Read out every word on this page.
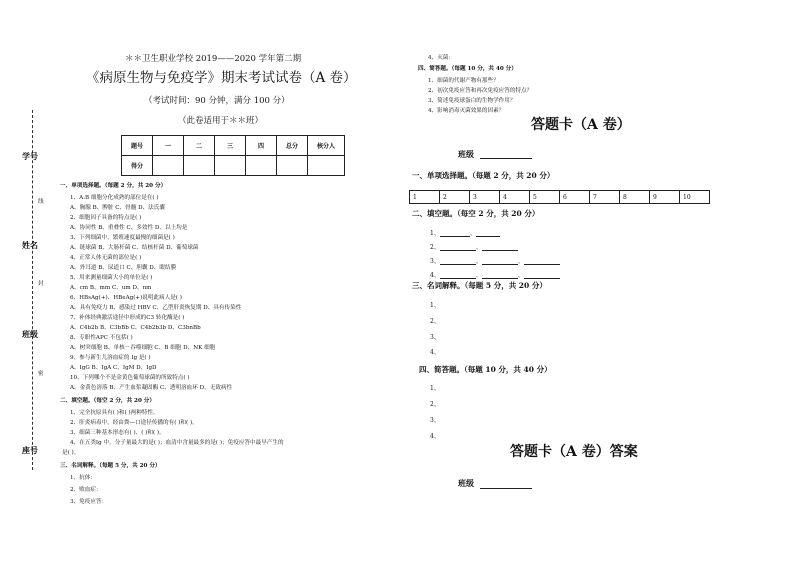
学号
姓名
班级
座号
线
封
密
＊＊卫生职业学校 2019——2020 学年第二期
《病原生物与免疫学》期末考试试卷（A 卷）
（考试时间：90 分钟，满分 100 分）
（此卷适用于＊＊班）
题号	一	二	三	四	总分	核分人
得分						
一、单项选择题。（每题 2 分，共 20 分）
1、A.B 细胞分化成熟的部位是在( )
A、胸腺 B、脾脏 C、骨髓 D、法氏囊
2、细胞因子具备的特点是( )
A、协同性 B、重叠性 C、多效性 D、以上均是
3、下列细菌中，繁殖速度最慢的细菌是( )
A、链球菌 B、大肠杆菌 C、结核杆菌 D、葡萄球菌
4、正常人体无菌的部位是( )
A、外耳道 B、尿道口 C、胆囊 D、眼结膜
5、用来测量细菌大小的单位是( )
A、cm B、mm C、um D、nm
6、HBsAg(+)、HBeAg(+)说明此病人是( )
A、具有免疫力 B、感染过 HBV C、乙型肝炎恢复期 D、具有传染性
7、补体经典激活途径中形成的C3 转化酶是( )
A、C4b2b B、C3bBb C、C4b2b3b D、C3bnBb
8、专职性APC 不包括( )
A、树突细胞 B、单核－吞噬细胞 C、B 细胞 D、NK 细胞
9、参与新生儿溶血症的 Ig 是( )
A、IgG B、IgA C、IgM D、IgD
10、下列哪个不是金黄色葡萄球菌的所致特点( )
A、金黄色溶落 B、产生血浆凝固酶 C、透明溶血环 D、无致病性
二、填空题。（每空 2 分，共 20 分）
1、完全抗原具有( )和( )两种特性。
2、肝炎病毒中，经由粪—口途径传播的有( )和( )。
3、细菌三种基本形态有( )、( )和( )。
4、在五类Ig 中，分子量最大的是( )；血清中含量最多的是( )；免疫应答中最早产生的
是( )。
三、名词解释。（每题 5 分，共 20 分）
1、抗体：
2、败血症：
3、免疫应答：
4、灭菌：
四、简答题。（每题 10 分，共 40 分）
1、细菌的代谢产物有那些？
2、初次免疫应答和再次免疫应答的特点？
3、简述免疫球蛋白的生物学作用？
4、影响消毒灭菌效果的因素？
答题卡（A 卷）
班级
一、单项选择题。（每题 2 分，共 20 分）
1	2	3	4	5	6	7	8	9	10
二、填空题。（每空 2 分，共 20 分）
1、	、
2、	、
3、	、	、
4、	、	、
三、名词解释。（每题 5 分，共 20 分）
1、
2、
3、
4、
四、简答题。（每题 10 分，共 40 分）
1、
2、
3、
4、
答题卡（A 卷）答案
班级
